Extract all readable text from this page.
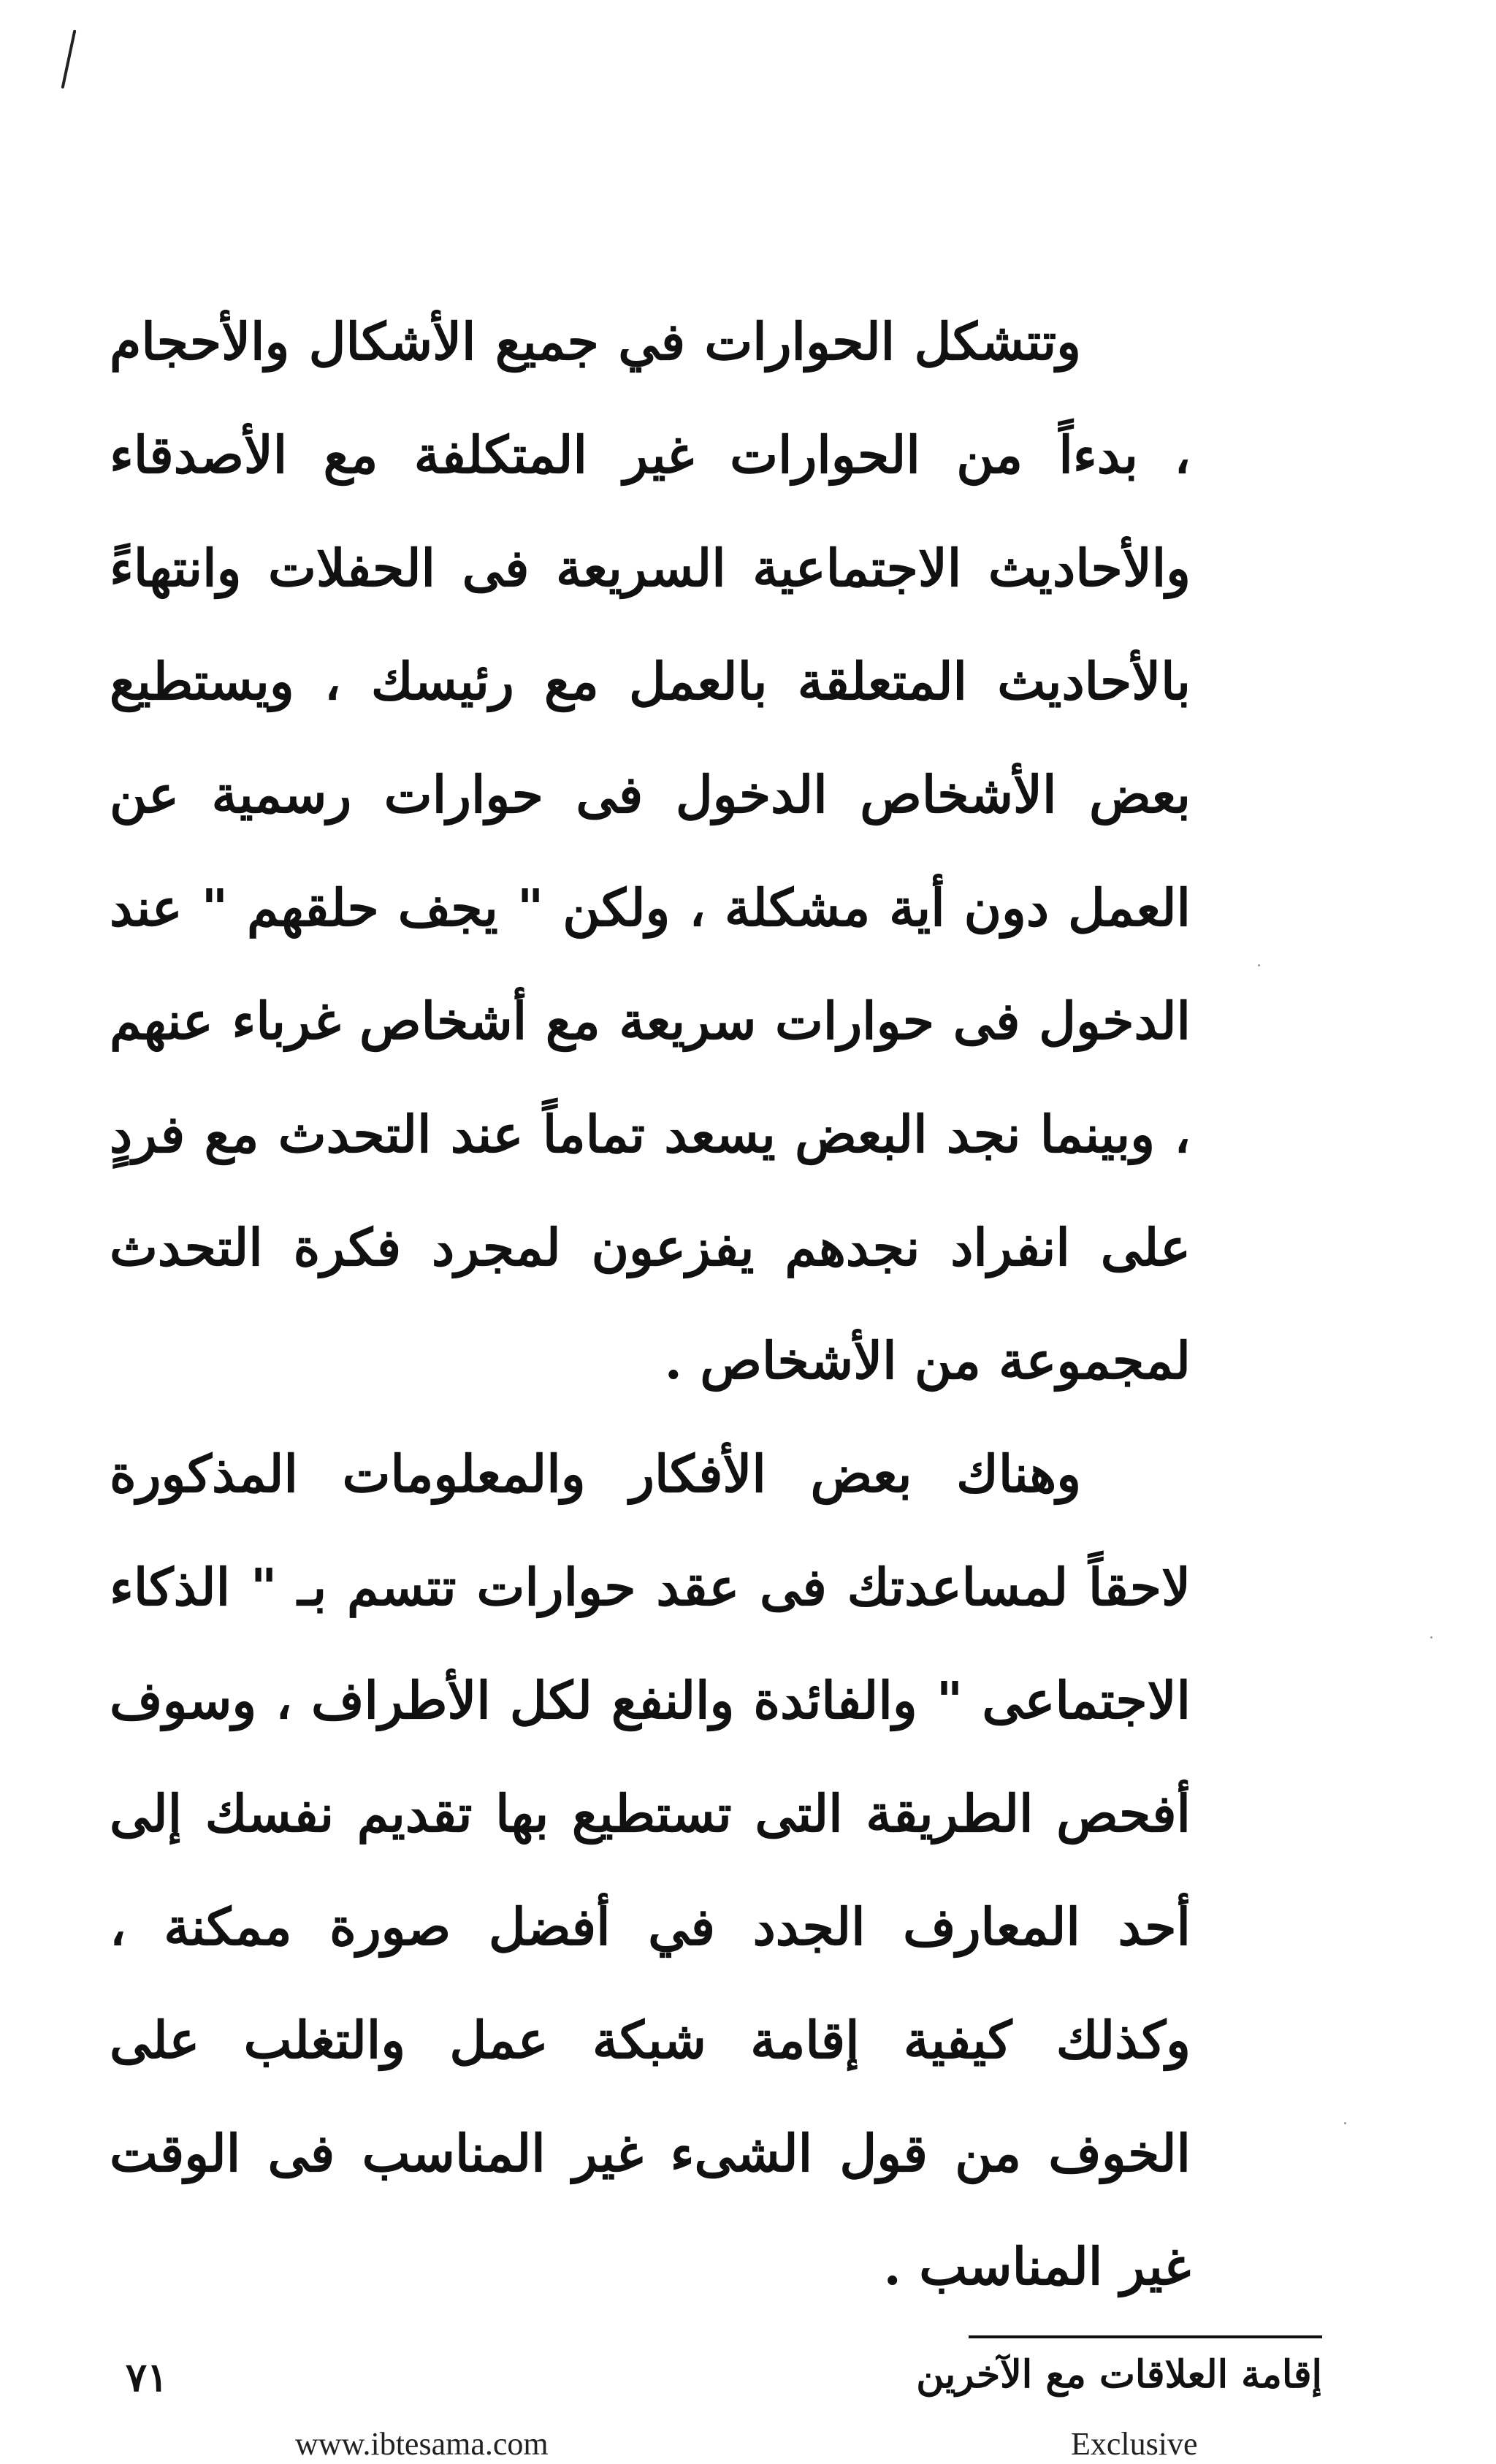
وتتشكل الحوارات في جميع الأشكال والأحجام ، بدءاً من الحوارات غير المتكلفة مع الأصدقاء والأحاديث الاجتماعية السريعة فى الحفلات وانتهاءً بالأحاديث المتعلقة بالعمل مع رئيسك ، ويستطيع بعض الأشخاص الدخول فى حوارات رسمية عن العمل دون أية مشكلة ، ولكن " يجف حلقهم " عند الدخول فى حوارات سريعة مع أشخاص غرباء عنهم ، وبينما نجد البعض يسعد تماماً عند التحدث مع فردٍ على انفراد نجدهم يفزعون لمجرد فكرة التحدث لمجموعة من الأشخاص .

وهناك بعض الأفكار والمعلومات المذكورة لاحقاً لمساعدتك فى عقد حوارات تتسم بـ " الذكاء الاجتماعى " والفائدة والنفع لكل الأطراف ، وسوف أفحص الطريقة التى تستطيع بها تقديم نفسك إلى أحد المعارف الجدد في أفضل صورة ممكنة ، وكذلك كيفية إقامة شبكة عمل والتغلب على الخوف من قول الشىء غير المناسب فى الوقت غير المناسب .

إقامة العلاقات مع الآخرين
٧١
www.ibtesama.com	Exclusive
